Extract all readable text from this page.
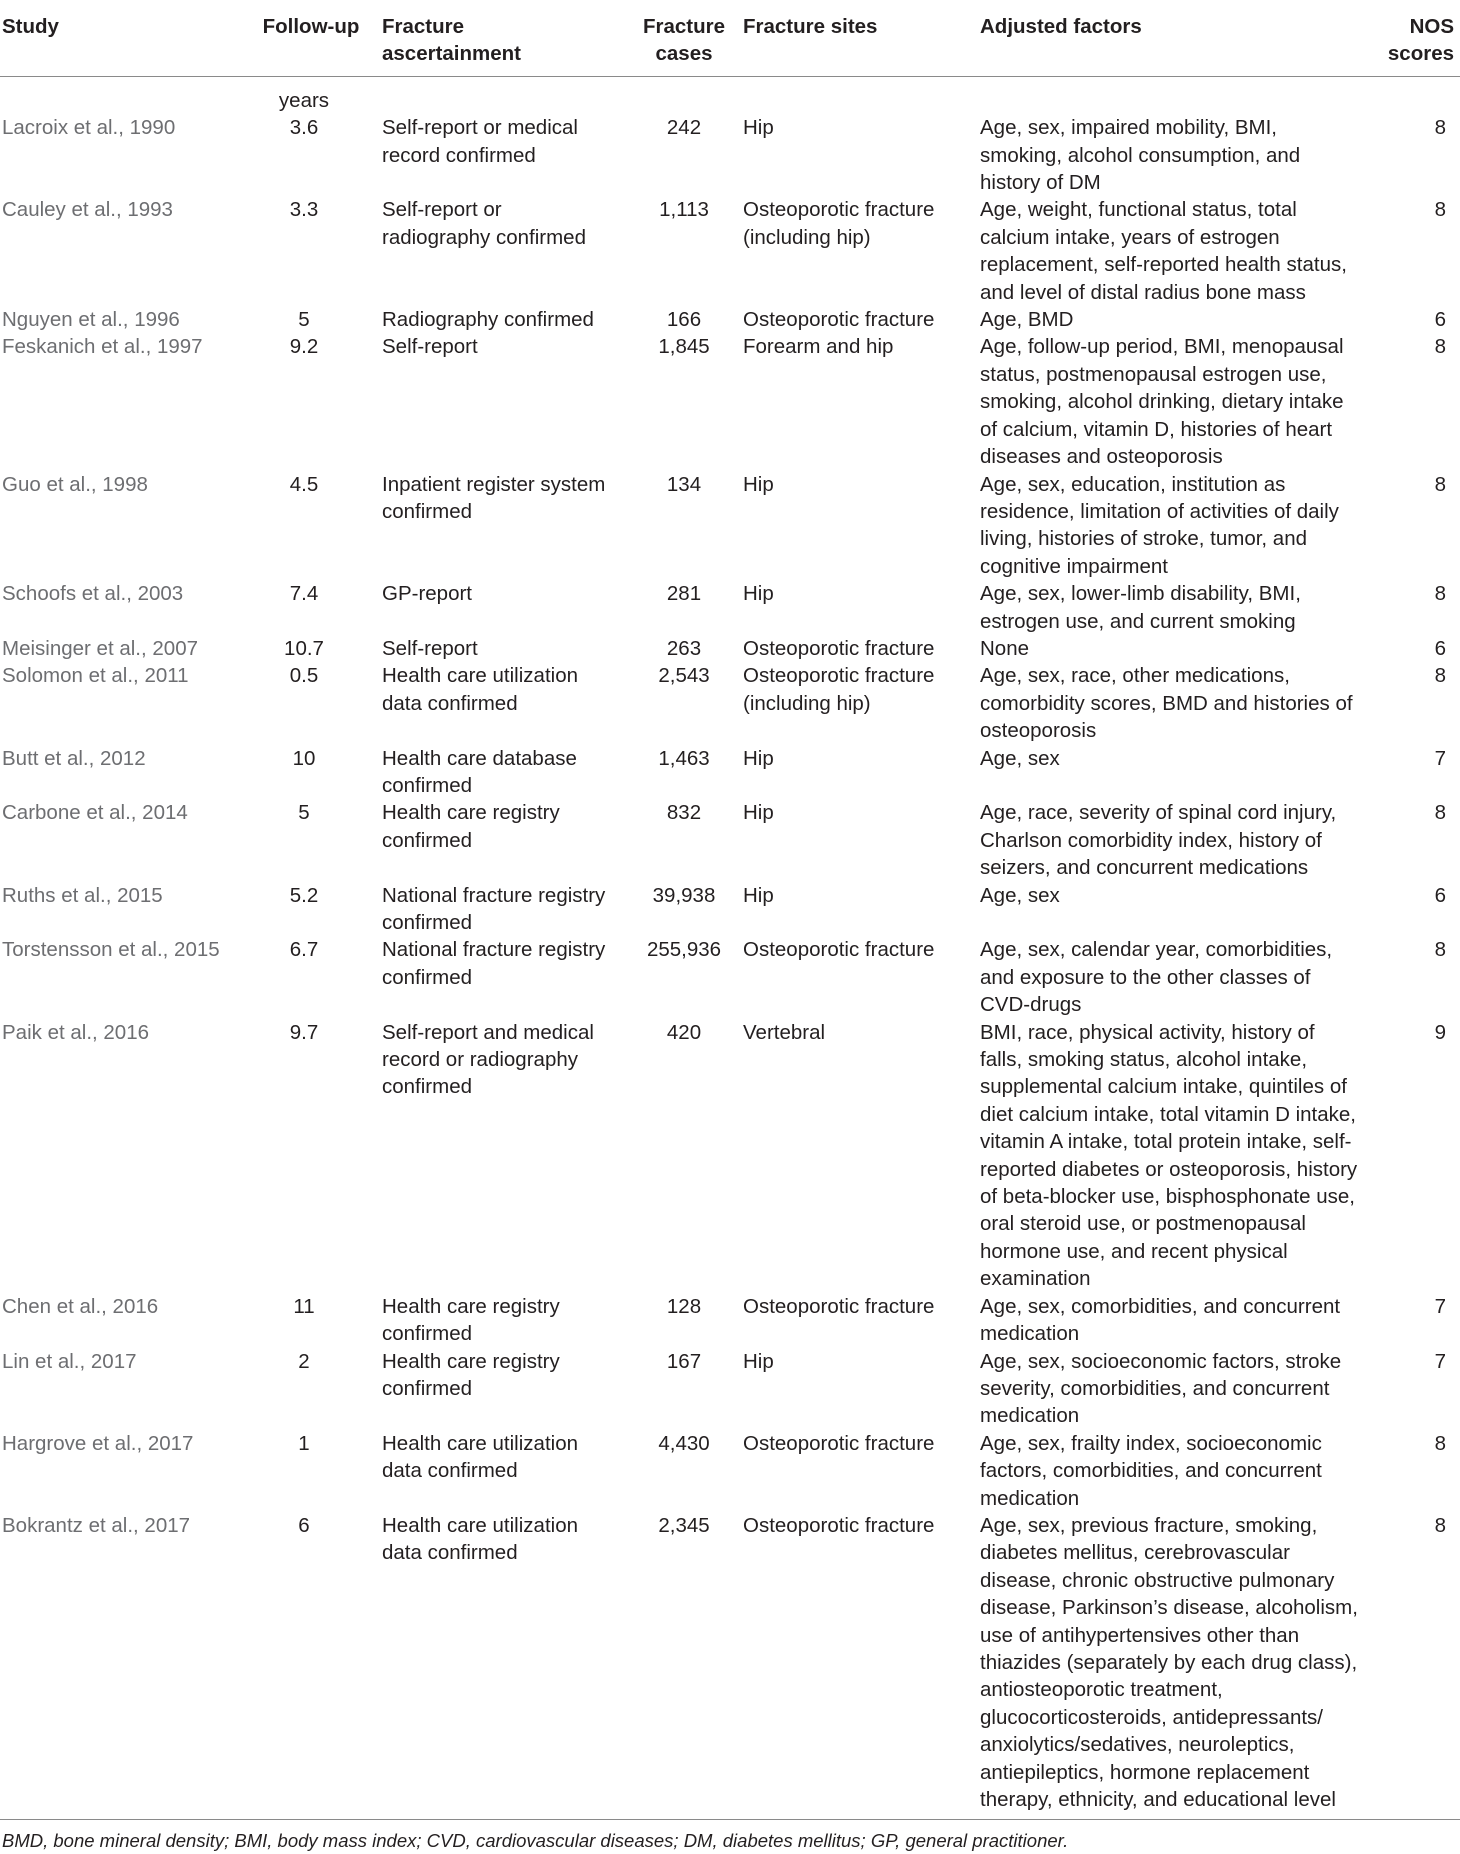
Study	Follow-up	Fracture ascertainment	Fracture cases	Fracture sites	Adjusted factors	NOS scores
	years					
Lacroix et al., 1990	3.6	Self-report or medical record confirmed	242	Hip	Age, sex, impaired mobility, BMI, smoking, alcohol consumption, and history of DM	8
Cauley et al., 1993	3.3	Self-report or radiography confirmed	1,113	Osteoporotic fracture (including hip)	Age, weight, functional status, total calcium intake, years of estrogen replacement, self-reported health status, and level of distal radius bone mass	8
Nguyen et al., 1996	5	Radiography confirmed	166	Osteoporotic fracture	Age, BMD	6
Feskanich et al., 1997	9.2	Self-report	1,845	Forearm and hip	Age, follow-up period, BMI, menopausal status, postmenopausal estrogen use, smoking, alcohol drinking, dietary intake of calcium, vitamin D, histories of heart diseases and osteoporosis	8
Guo et al., 1998	4.5	Inpatient register system confirmed	134	Hip	Age, sex, education, institution as residence, limitation of activities of daily living, histories of stroke, tumor, and cognitive impairment	8
Schoofs et al., 2003	7.4	GP-report	281	Hip	Age, sex, lower-limb disability, BMI, estrogen use, and current smoking	8
Meisinger et al., 2007	10.7	Self-report	263	Osteoporotic fracture	None	6
Solomon et al., 2011	0.5	Health care utilization data confirmed	2,543	Osteoporotic fracture (including hip)	Age, sex, race, other medications, comorbidity scores, BMD and histories of osteoporosis	8
Butt et al., 2012	10	Health care database confirmed	1,463	Hip	Age, sex	7
Carbone et al., 2014	5	Health care registry confirmed	832	Hip	Age, race, severity of spinal cord injury, Charlson comorbidity index, history of seizers, and concurrent medications	8
Ruths et al., 2015	5.2	National fracture registry confirmed	39,938	Hip	Age, sex	6
Torstensson et al., 2015	6.7	National fracture registry confirmed	255,936	Osteoporotic fracture	Age, sex, calendar year, comorbidities, and exposure to the other classes of CVD-drugs	8
Paik et al., 2016	9.7	Self-report and medical record or radiography confirmed	420	Vertebral	BMI, race, physical activity, history of falls, smoking status, alcohol intake, supplemental calcium intake, quintiles of diet calcium intake, total vitamin D intake, vitamin A intake, total protein intake, self-reported diabetes or osteoporosis, history of beta-blocker use, bisphosphonate use, oral steroid use, or postmenopausal hormone use, and recent physical examination	9
Chen et al., 2016	11	Health care registry confirmed	128	Osteoporotic fracture	Age, sex, comorbidities, and concurrent medication	7
Lin et al., 2017	2	Health care registry confirmed	167	Hip	Age, sex, socioeconomic factors, stroke severity, comorbidities, and concurrent medication	7
Hargrove et al., 2017	1	Health care utilization data confirmed	4,430	Osteoporotic fracture	Age, sex, frailty index, socioeconomic factors, comorbidities, and concurrent medication	8
Bokrantz et al., 2017	6	Health care utilization data confirmed	2,345	Osteoporotic fracture	Age, sex, previous fracture, smoking, diabetes mellitus, cerebrovascular disease, chronic obstructive pulmonary disease, Parkinson’s disease, alcoholism, use of antihypertensives other than thiazides (separately by each drug class), antiosteoporotic treatment, glucocorticosteroids, antidepressants/ anxiolytics/sedatives, neuroleptics, antiepileptics, hormone replacement therapy, ethnicity, and educational level	8
BMD, bone mineral density; BMI, body mass index; CVD, cardiovascular diseases; DM, diabetes mellitus; GP, general practitioner.
